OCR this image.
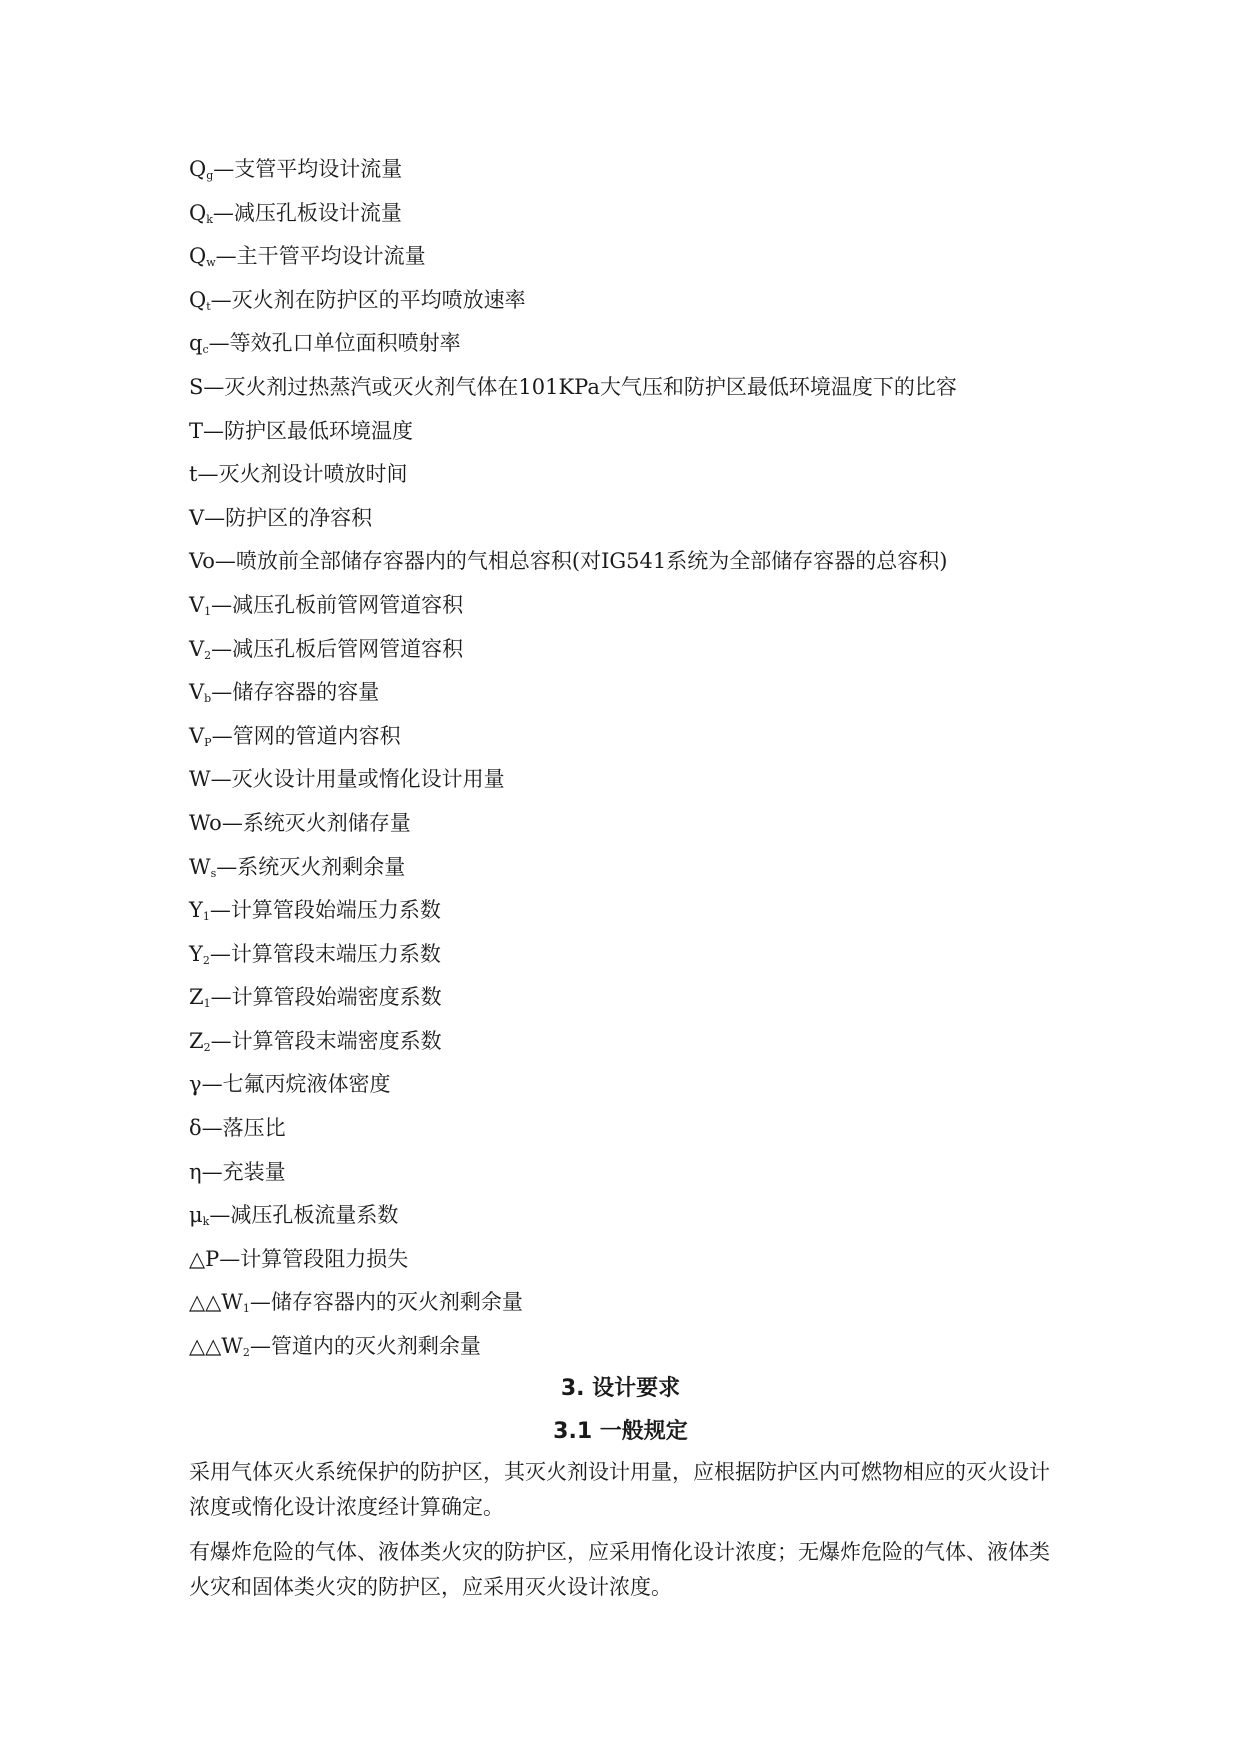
$Q_g—$支管平均设计流量
$Q_k—$减压孔板设计流量
$Q_w—$主干管平均设计流量
$Q_t—$灭火剂在防护区的平均喷放速率
$q_c—$等效孔口单位面积喷射率
S—灭火剂过热蒸汽或灭火剂气体在101KPa大气压和防护区最低环境温度下的比容
T—防护区最低环境温度
t—灭火剂设计喷放时间
V—防护区的净容积
Vo—喷放前全部储存容器内的气相总容积(对IG541系统为全部储存容器的总容积)
$V_1—$减压孔板前管网管道容积
$V_2—$减压孔板后管网管道容积
$V_b—$储存容器的容量
$V_P—$管网的管道内容积
W—灭火设计用量或惰化设计用量
Wo—系统灭火剂储存量
$W_s—$系统灭火剂剩余量
$Y_1—$计算管段始端压力系数
$Y_2—$计算管段末端压力系数
$Z_1—$计算管段始端密度系数
$Z_2—$计算管段末端密度系数
γ—七氟丙烷液体密度
δ—落压比
η—充装量
$\mu_k—$减压孔板流量系数
△P—计算管段阻力损失
$\triangle\triangle W_1—$储存容器内的灭火剂剩余量
$\triangle\triangle W_2—$管道内的灭火剂剩余量
3. 设计要求
3.1 一般规定
采用气体灭火系统保护的防护区，其灭火剂设计用量，应根据防护区内可燃物相应的灭火设计浓度或惰化设计浓度经计算确定。
有爆炸危险的气体、液体类火灾的防护区，应采用惰化设计浓度；无爆炸危险的气体、液体类火灾和固体类火灾的防护区，应采用灭火设计浓度。
